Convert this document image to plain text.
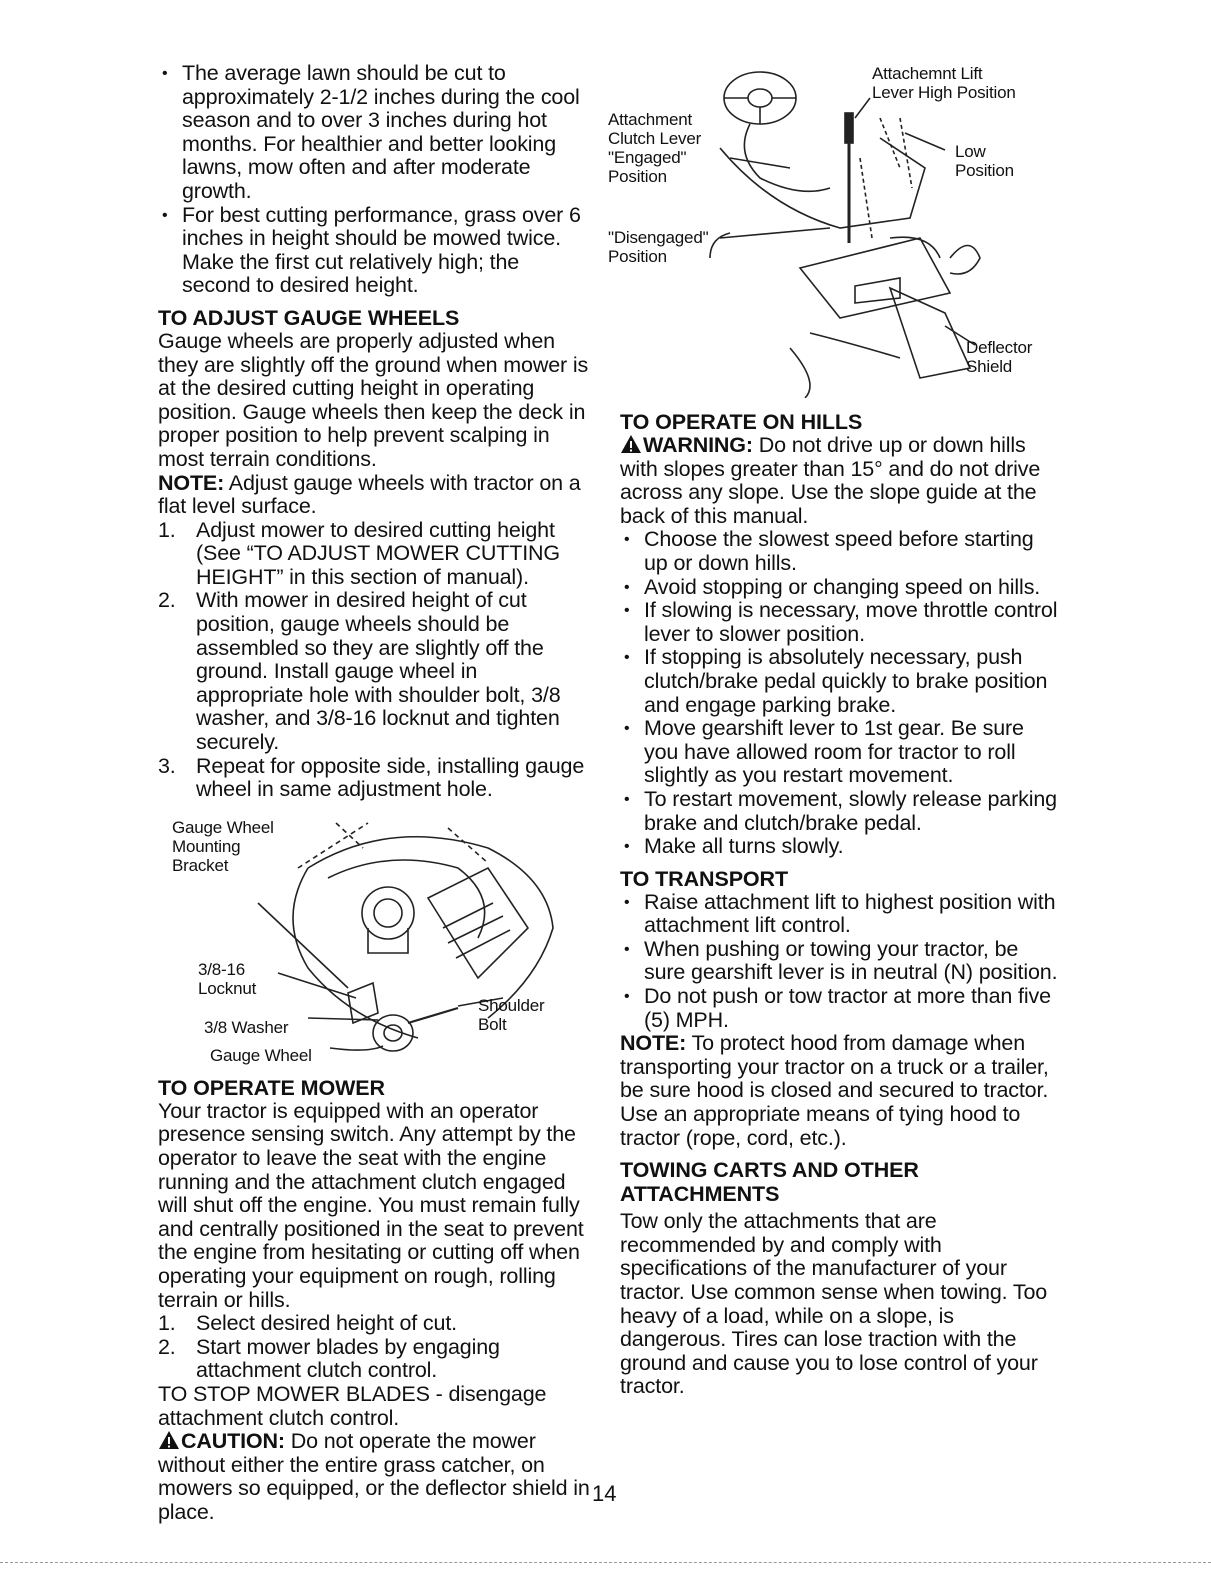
• The average lawn should be cut to approximately 2-1/2 inches during the cool season and to over 3 inches during hot months. For healthier and better looking lawns, mow often and after moderate growth.
• For best cutting performance, grass over 6 inches in height should be mowed twice. Make the first cut relatively high; the second to desired height.
TO ADJUST GAUGE WHEELS

Gauge wheels are properly adjusted when they are slightly off the ground when mower is at the desired cutting height in operating position. Gauge wheels then keep the deck in proper position to help prevent scalping in most terrain conditions.

NOTE: Adjust gauge wheels with tractor on a flat level surface.

1. Adjust mower to desired cutting height (See “TO ADJUST MOWER CUTTING HEIGHT” in this section of manual).
2. With mower in desired height of cut position, gauge wheels should be assembled so they are slightly off the ground. Install gauge wheel in appropriate hole with shoulder bolt, 3/8 washer, and 3/8-16 locknut and tighten securely.
3. Repeat for opposite side, installing gauge wheel in same adjustment hole.
Gauge Wheel
Mounting
Bracket
3/8-16
Locknut
3/8 Washer
Shoulder
Bolt
Gauge Wheel
TO OPERATE MOWER

Your tractor is equipped with an operator presence sensing switch. Any attempt by the operator to leave the seat with the engine running and the attachment clutch engaged will shut off the engine. You must remain fully and centrally positioned in the seat to prevent the engine from hesitating or cutting off when operating your equipment on rough, rolling terrain or hills.

1. Select desired height of cut.
2. Start mower blades by engaging attachment clutch control.

TO STOP MOWER BLADES - disengage attachment clutch control.

CAUTION: Do not operate the mower without either the entire grass catcher, on mowers so equipped, or the deflector shield in place.

Attachemnt Lift
Lever High Position
Attachment
Clutch Lever
"Engaged"
Position
Low
Position
"Disengaged"
Position
Deflector
Shield
TO OPERATE ON HILLS

WARNING: Do not drive up or down hills with slopes greater than 15° and do not drive across any slope. Use the slope guide at the back of this manual.

• Choose the slowest speed before starting up or down hills.
• Avoid stopping or changing speed on hills.
• If slowing is necessary, move throttle control lever to slower position.
• If stopping is absolutely necessary, push clutch/brake pedal quickly to brake position and engage parking brake.
• Move gearshift lever to 1st gear. Be sure you have allowed room for tractor to roll slightly as you restart movement.
• To restart movement, slowly release parking brake and clutch/brake pedal.
• Make all turns slowly.
TO TRANSPORT
• Raise attachment lift to highest position with attachment lift control.
• When pushing or towing your tractor, be sure gearshift lever is in neutral (N) position.
• Do not push or tow tractor at more than five (5) MPH.

NOTE: To protect hood from damage when transporting your tractor on a truck or a trailer, be sure hood is closed and secured to tractor. Use an appropriate means of tying hood to tractor (rope, cord, etc.).

TOWING CARTS AND OTHER ATTACHMENTS

Tow only the attachments that are recommended by and comply with specifications of the manufacturer of your tractor. Use common sense when towing. Too heavy of a load, while on a slope, is dangerous. Tires can lose traction with the ground and cause you to lose control of your tractor.

14
